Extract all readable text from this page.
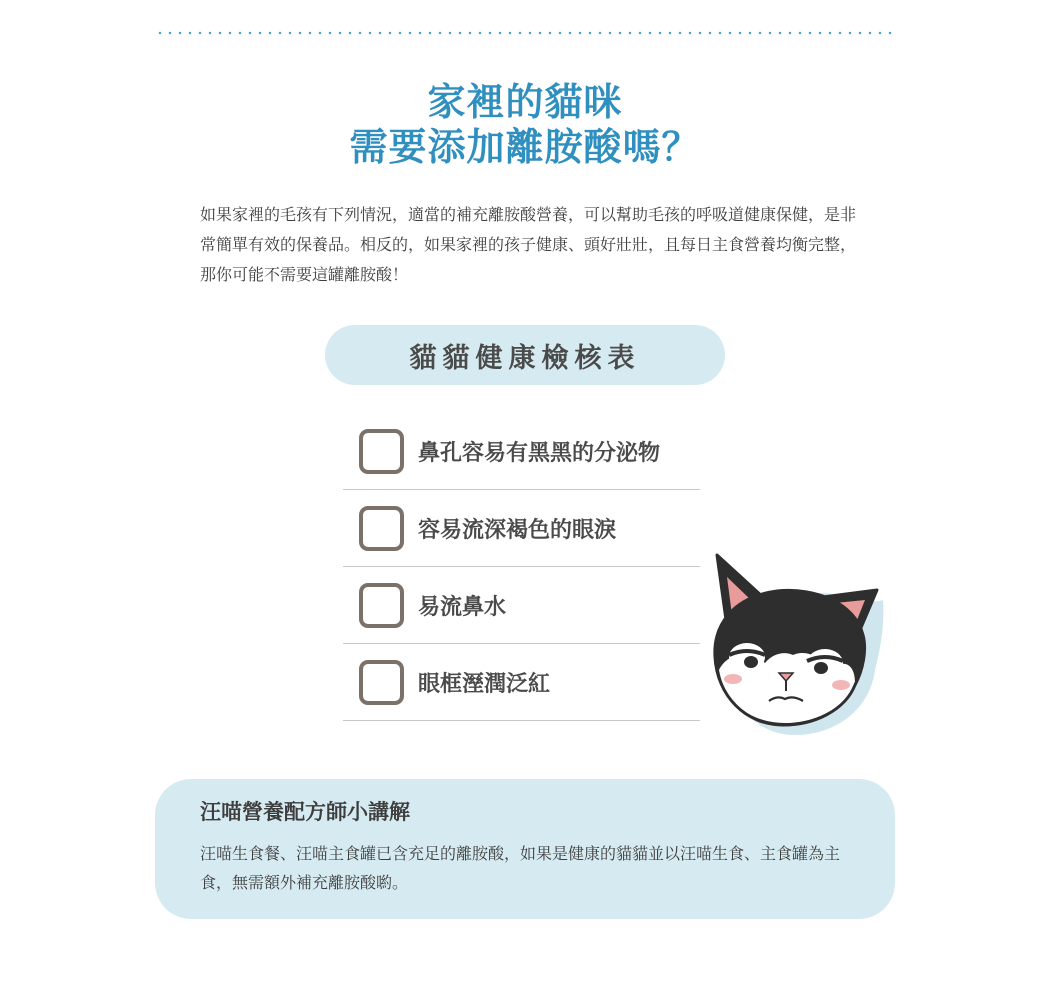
家裡的貓咪
需要添加離胺酸嗎？

如果家裡的毛孩有下列情況，適當的補充離胺酸營養，可以幫助毛孩的呼吸道健康保健，是非常簡單有效的保養品。相反的，如果家裡的孩子健康、頭好壯壯，且每日主食營養均衡完整，那你可能不需要這罐離胺酸！

貓貓健康檢核表
鼻孔容易有黑黑的分泌物
容易流深褐色的眼淚
易流鼻水
眼框溼潤泛紅
汪喵營養配方師小講解

汪喵生食餐、汪喵主食罐已含充足的離胺酸，如果是健康的貓貓並以汪喵生食、主食罐為主食，無需額外補充離胺酸喲。
